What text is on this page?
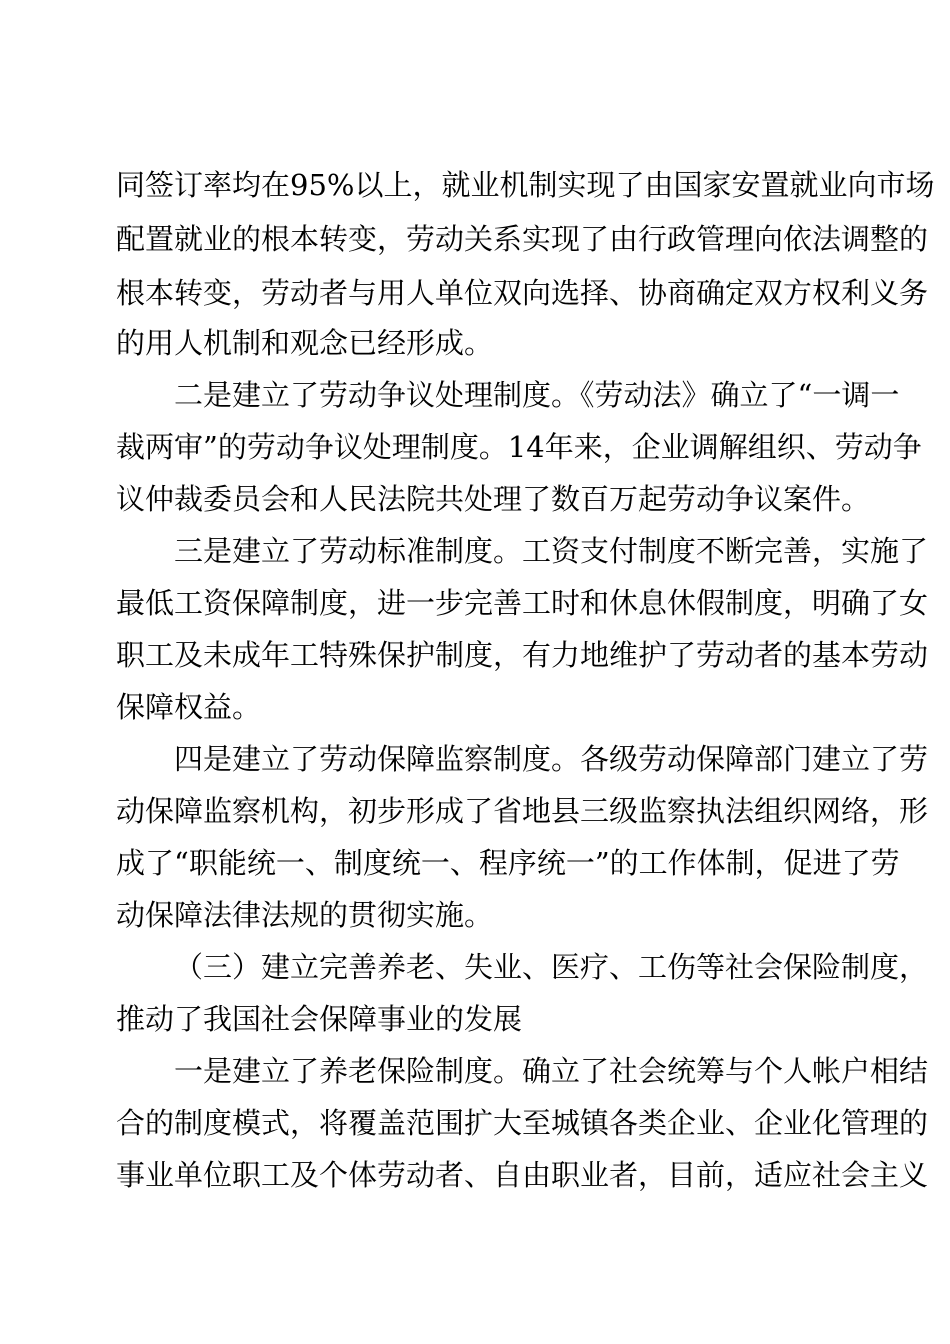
同签订率均在95%以上，就业机制实现了由国家安置就业向市场
配置就业的根本转变，劳动关系实现了由行政管理向依法调整的
根本转变，劳动者与用人单位双向选择、协商确定双方权利义务
的用人机制和观念已经形成。
二是建立了劳动争议处理制度。《劳动法》确立了“一调一
裁两审”的劳动争议处理制度。14年来，企业调解组织、劳动争
议仲裁委员会和人民法院共处理了数百万起劳动争议案件。
三是建立了劳动标准制度。工资支付制度不断完善，实施了
最低工资保障制度，进一步完善工时和休息休假制度，明确了女
职工及未成年工特殊保护制度，有力地维护了劳动者的基本劳动
保障权益。
四是建立了劳动保障监察制度。各级劳动保障部门建立了劳
动保障监察机构，初步形成了省地县三级监察执法组织网络，形
成了“职能统一、制度统一、程序统一”的工作体制，促进了劳
动保障法律法规的贯彻实施。
（三）建立完善养老、失业、医疗、工伤等社会保险制度，
推动了我国社会保障事业的发展
一是建立了养老保险制度。确立了社会统筹与个人帐户相结
合的制度模式，将覆盖范围扩大至城镇各类企业、企业化管理的
事业单位职工及个体劳动者、自由职业者，目前，适应社会主义
